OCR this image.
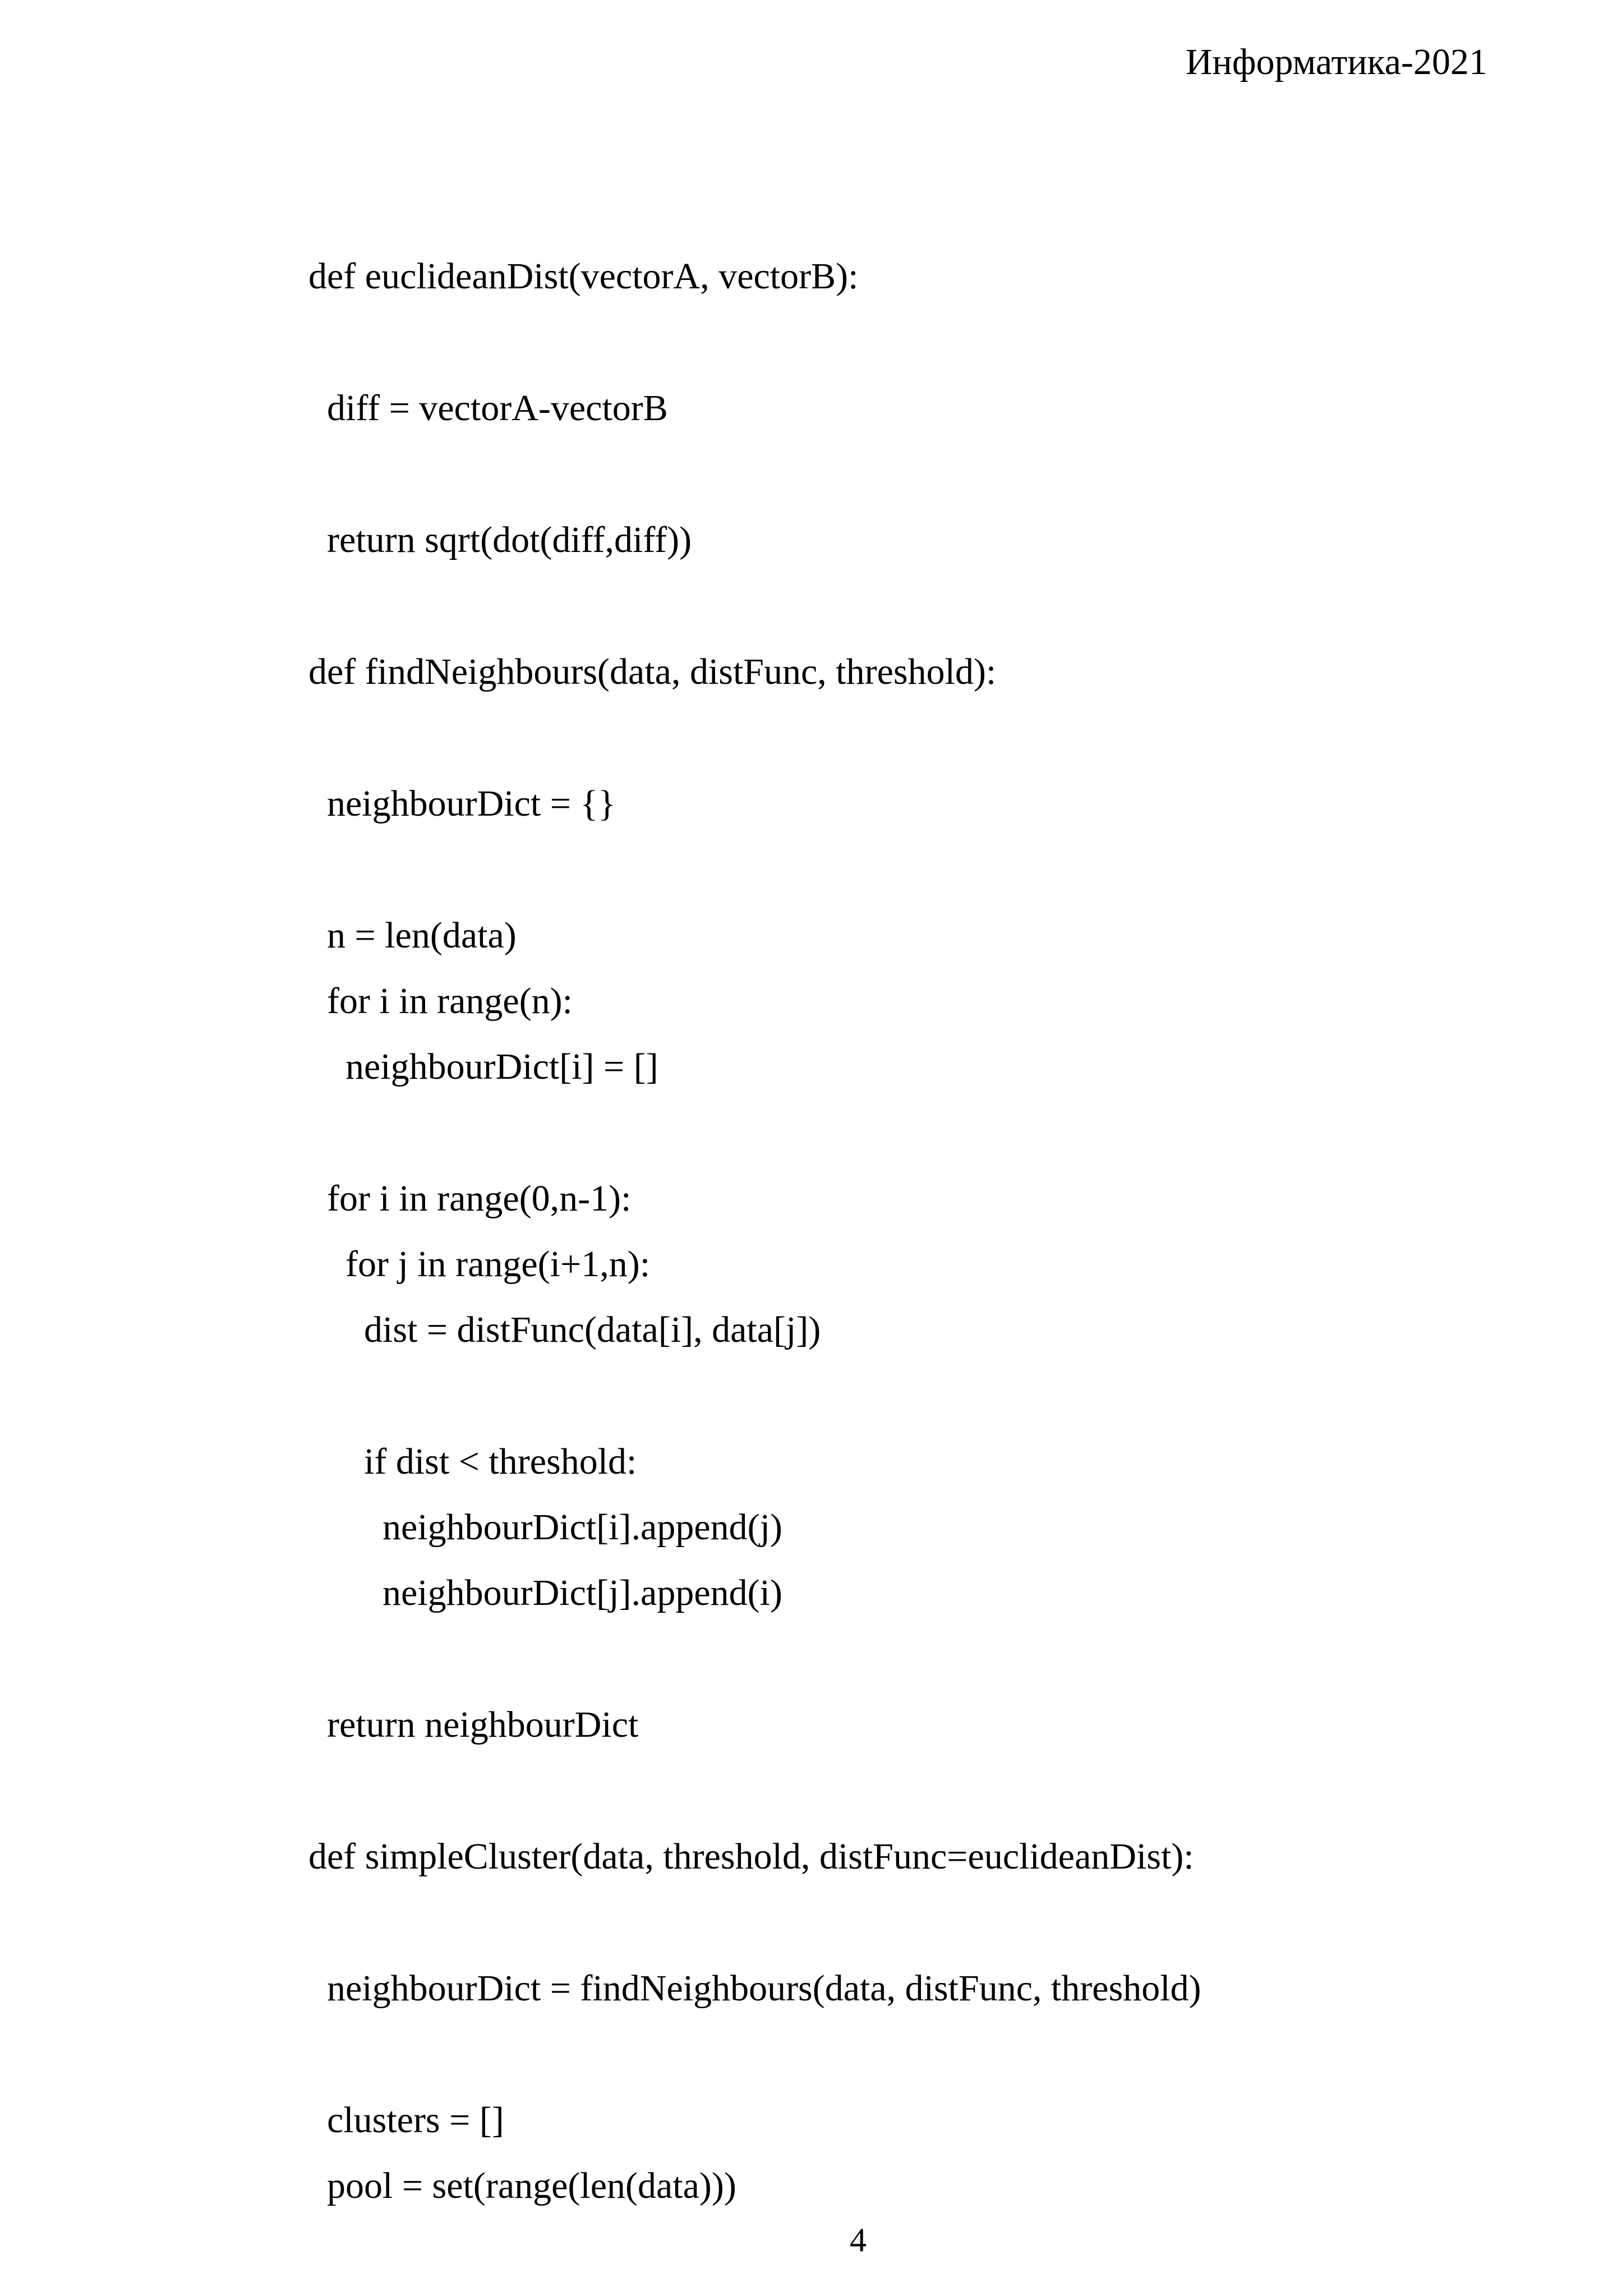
Информатика-2021
def euclideanDist(vectorA, vectorB):
diff = vectorA-vectorB
return sqrt(dot(diff,diff))
def findNeighbours(data, distFunc, threshold):
neighbourDict = {}
n = len(data)
for i in range(n):
neighbourDict[i] = []
for i in range(0,n-1):
for j in range(i+1,n):
dist = distFunc(data[i], data[j])
if dist < threshold:
neighbourDict[i].append(j)
neighbourDict[j].append(i)
return neighbourDict
def simpleCluster(data, threshold, distFunc=euclideanDist):
neighbourDict = findNeighbours(data, distFunc, threshold)
clusters = []
pool = set(range(len(data)))
4
